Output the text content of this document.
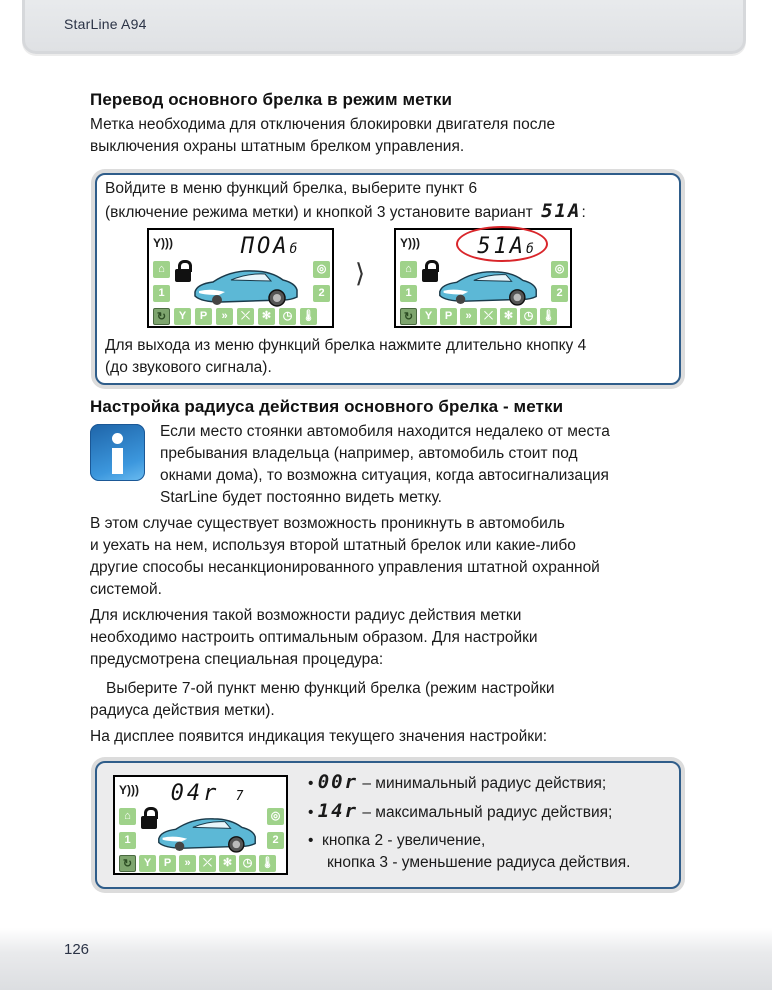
StarLine A94
Перевод основного брелка в режим метки
Метка необходима для отключения блокировки двигателя после
выключения охраны штатным брелком управления.
Войдите в меню функций брелка, выберите пункт 6
(включение режима метки) и кнопкой 3 установите вариант 51A:
Y)))	ПОАб
⌂
1
◎
2
↻	Y	P	»	⤫	✻	◷ 🌡
⟩
Y)))	51Aб
⌂
1
◎
2
↻	Y	P	»	⤫ ✻ ◷ 🌡
Для выхода из меню функций брелка нажмите длительно кнопку 4
(до звукового сигнала).
Настройка радиуса действия основного брелка - метки
Если место стоянки автомобиля находится недалеко от места
пребывания владельца (например, автомобиль стоит под
окнами дома), то возможна ситуация, когда автосигнализация
StarLine будет постоянно видеть метку.
В этом случае существует возможность проникнуть в автомобиль
и уехать на нем, используя второй штатный брелок или какие-либо
другие способы несанкционированного управления штатной охранной
системой.
Для исключения такой возможности радиус действия метки
необходимо настроить оптимальным образом. Для настройки
предусмотрена специальная процедура:
Выберите 7-ой пункт меню функций брелка (режим настройки
радиуса действия метки).
На дисплее появится индикация текущего значения настройки:
Y)))	04r 7
⌂
1
◎
2
↻	Y	P	»	⤫ ✻ ◷ 🌡
• 00r – минимальный радиус действия;
• 14r – максимальный радиус действия;
•  кнопка 2 - увеличение,
кнопка 3 - уменьшение радиуса действия.
126
